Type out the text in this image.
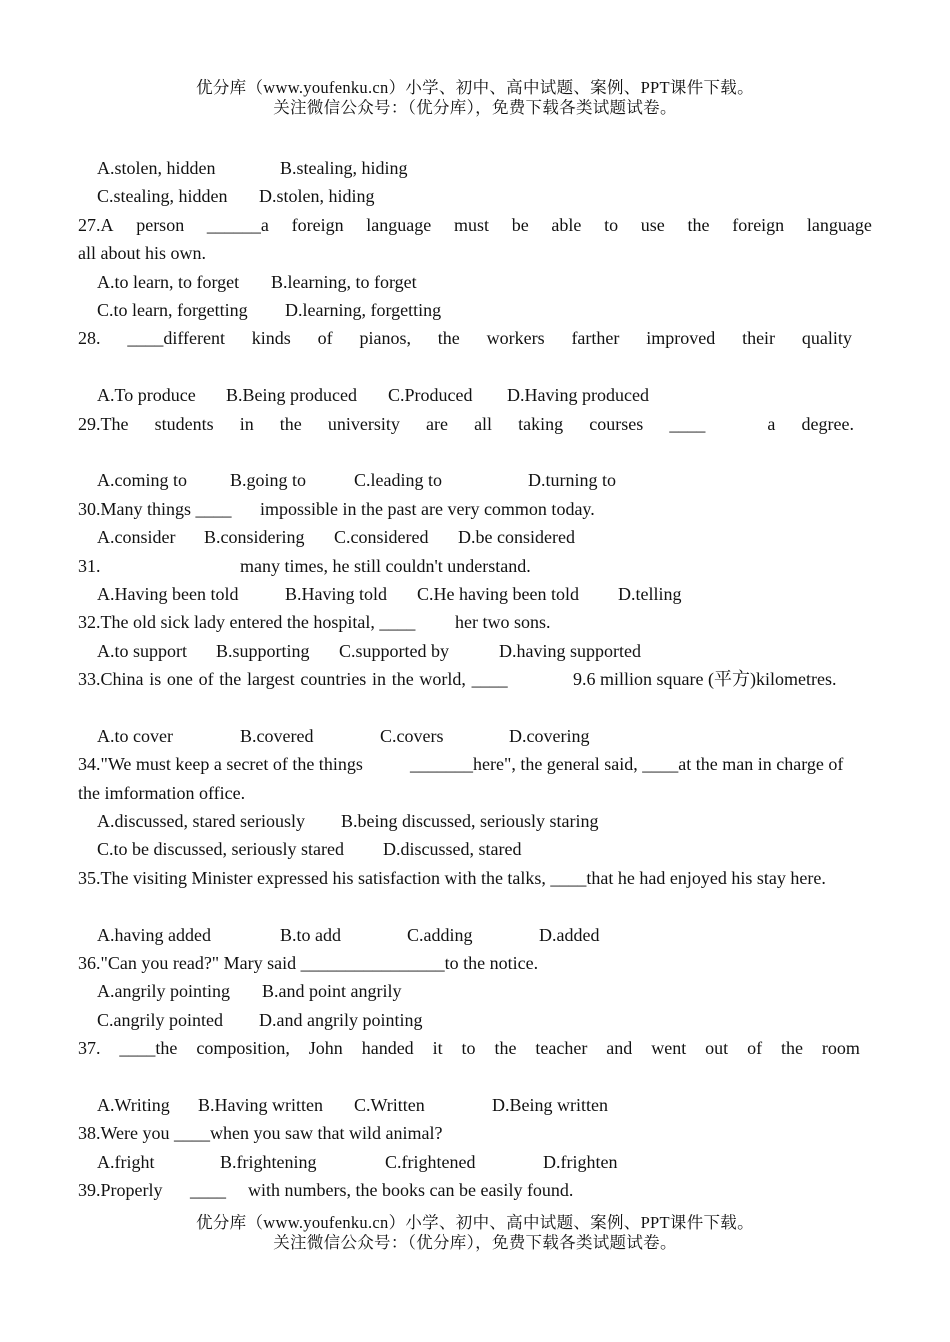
优分库（www.youfenku.cn）小学、初中、高中试题、案例、PPT课件下载。
关注微信公众号：（优分库），免费下载各类试题试卷。
A.stolen, hidden	B.stealing, hiding
C.stealing, hidden D.stolen, hiding
27.A person ______a foreign language must be able to use the foreign language
all about his own.
A.to learn, to forget B.learning, to forget
C.to learn, forgetting D.learning, forgetting
28. ____different kinds of pianos, the workers farther improved their quality
A.To produce B.Being produced C.Produced D.Having produced
29.The students in the university are all taking courses ____	a degree.
A.coming to B.going to	C.leading to	D.turning to
30.Many things ____ impossible in the past are very common today.
A.consider B.considering C.considered D.be considered
31.	many times, he still couldn't understand.
A.Having been told	B.Having told C.He having been told D.telling
32.The old sick lady entered the hospital, ____ her two sons.
A.to support B.supporting C.supported by	D.having supported
33.China is one of the largest countries in the world, ____	9.6 million square (平方)kilometres.
A.to cover	B.covered	C.covers	D.covering
34."We must keep a secret of the things	_______here", the general said, ____at the man in charge of
the imformation office.
A.discussed, stared seriously B.being discussed, seriously staring
C.to be discussed, seriously stared D.discussed, stared
35.The visiting Minister expressed his satisfaction with the talks, ____that he had enjoyed his stay here.
A.having added	B.to add	C.adding	D.added
36."Can you read?" Mary said ________________to the notice.
A.angrily pointing B.and point angrily
C.angrily pointed D.and angrily pointing
37. ____the composition, John handed it to the teacher and went out of the room
A.Writing B.Having written C.Written	D.Being written
38.Were you ____when you saw that wild animal?
A.fright	B.frightening	C.frightened	D.frighten
39.Properly ____ with numbers, the books can be easily found.
优分库（www.youfenku.cn）小学、初中、高中试题、案例、PPT课件下载。
关注微信公众号：（优分库），免费下载各类试题试卷。
